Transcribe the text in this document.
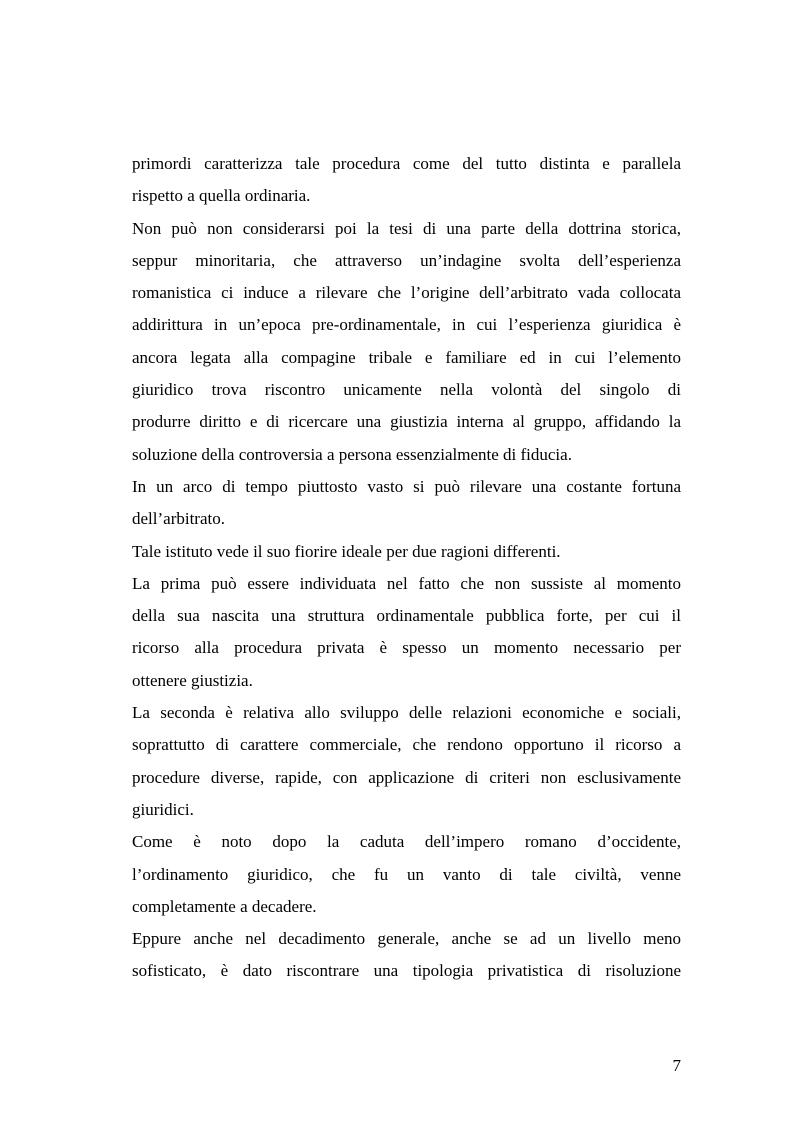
primordi caratterizza tale procedura come del tutto distinta e parallela
rispetto a quella ordinaria.
Non può non considerarsi poi la tesi di una parte della dottrina storica,
seppur minoritaria, che attraverso un’indagine svolta dell’esperienza
romanistica ci induce a rilevare che l’origine dell’arbitrato vada collocata
addirittura in un’epoca pre-ordinamentale, in cui l’esperienza giuridica è
ancora legata alla compagine tribale e familiare ed in cui l’elemento
giuridico trova riscontro unicamente nella volontà del singolo di
produrre diritto e di ricercare una giustizia interna al gruppo, affidando la
soluzione della controversia a persona essenzialmente di fiducia.
In un arco di tempo piuttosto vasto si può rilevare una costante fortuna
dell’arbitrato.
Tale istituto vede il suo fiorire ideale per due ragioni differenti.
La prima può essere individuata nel fatto che non sussiste al momento
della sua nascita una struttura ordinamentale pubblica forte, per cui il
ricorso alla procedura privata è spesso un momento necessario per
ottenere giustizia.
La seconda è relativa allo sviluppo delle relazioni economiche e sociali,
soprattutto di carattere commerciale, che rendono opportuno il ricorso a
procedure diverse, rapide, con applicazione di criteri non esclusivamente
giuridici.
Come è noto dopo la caduta dell’impero romano d’occidente,
l’ordinamento giuridico, che fu un vanto di tale civiltà, venne
completamente a decadere.
Eppure anche nel decadimento generale, anche se ad un livello meno
sofisticato, è dato riscontrare una tipologia privatistica di risoluzione
7
